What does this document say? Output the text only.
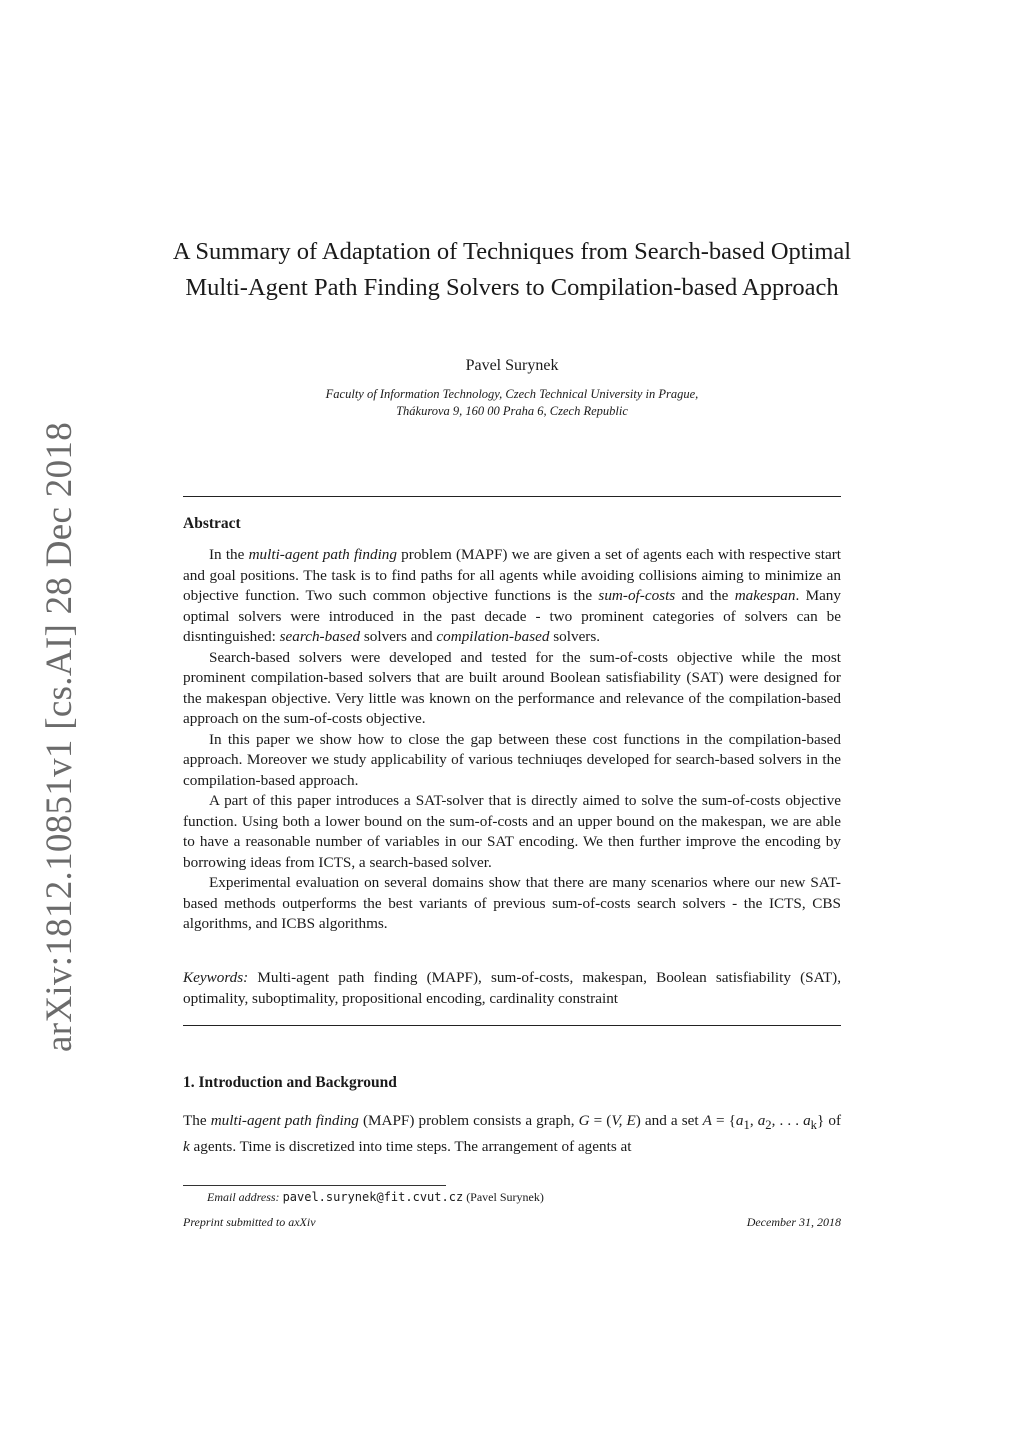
arXiv:1812.10851v1 [cs.AI] 28 Dec 2018
A Summary of Adaptation of Techniques from Search-based Optimal Multi-Agent Path Finding Solvers to Compilation-based Approach
Pavel Surynek
Faculty of Information Technology, Czech Technical University in Prague,
Thákurova 9, 160 00 Praha 6, Czech Republic
Abstract

In the multi-agent path finding problem (MAPF) we are given a set of agents each with respective start and goal positions. The task is to find paths for all agents while avoiding collisions aiming to minimize an objective function. Two such common objective functions is the sum-of-costs and the makespan. Many optimal solvers were introduced in the past decade - two prominent categories of solvers can be disntinguished: search-based solvers and compilation-based solvers.

Search-based solvers were developed and tested for the sum-of-costs objective while the most prominent compilation-based solvers that are built around Boolean satisfiability (SAT) were designed for the makespan objective. Very little was known on the performance and relevance of the compilation-based approach on the sum-of-costs objective.

In this paper we show how to close the gap between these cost functions in the compilation-based approach. Moreover we study applicability of various techniuqes developed for search-based solvers in the compilation-based approach.

A part of this paper introduces a SAT-solver that is directly aimed to solve the sum-of-costs objective function. Using both a lower bound on the sum-of-costs and an upper bound on the makespan, we are able to have a reasonable number of variables in our SAT encoding. We then further improve the encoding by borrowing ideas from ICTS, a search-based solver.

Experimental evaluation on several domains show that there are many scenarios where our new SAT-based methods outperforms the best variants of previous sum-of-costs search solvers - the ICTS, CBS algorithms, and ICBS algorithms.

Keywords: Multi-agent path finding (MAPF), sum-of-costs, makespan, Boolean satisfiability (SAT), optimality, suboptimality, propositional encoding, cardinality constraint
1. Introduction and Background

The multi-agent path finding (MAPF) problem consists a graph, G = (V, E) and a set $A = \{a_1$, $a_2$, . . . $a_k$} of k agents. Time is discretized into time steps. The arrangement of agents at

Email address: pavel.surynek@fit.cvut.cz (Pavel Surynek)
Preprint submitted to axXiv	December 31, 2018
